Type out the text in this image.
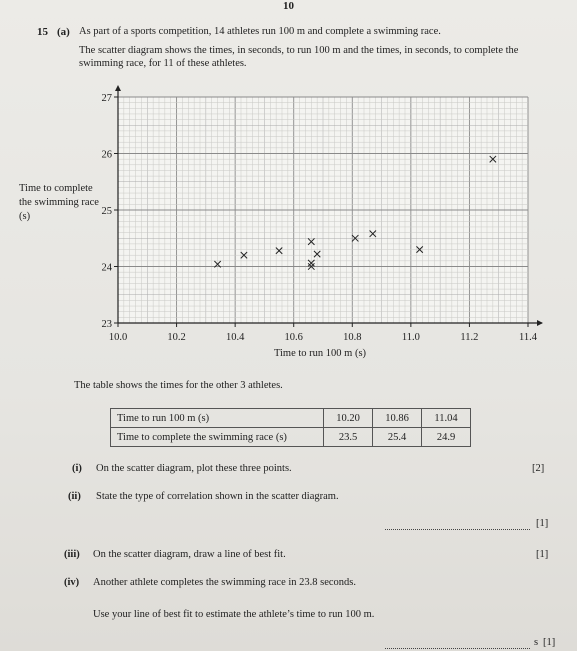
10
15 (a) As part of a sports competition, 14 athletes run 100 m and complete a swimming race.
The scatter diagram shows the times, in seconds, to run 100 m and the times, in seconds, to complete the swimming race, for 11 of these athletes.
Time to complete the swimming race (s)
10.0	10.2	10.4	10.6	10.8	11.0	11.2	11.4
23
24
25
26
27
Time to run 100 m (s)
The table shows the times for the other 3 athletes.
Time to run 100 m (s)	10.20	10.86	11.04
Time to complete the swimming race (s)	23.5	25.4	24.9
(i) On the scatter diagram, plot these three points.	[2]
(ii) State the type of correlation shown in the scatter diagram.
[1]
(iii) On the scatter diagram, draw a line of best fit.	[1]
(iv) Another athlete completes the swimming race in 23.8 seconds.
Use your line of best fit to estimate the athlete’s time to run 100 m.
s [1]
